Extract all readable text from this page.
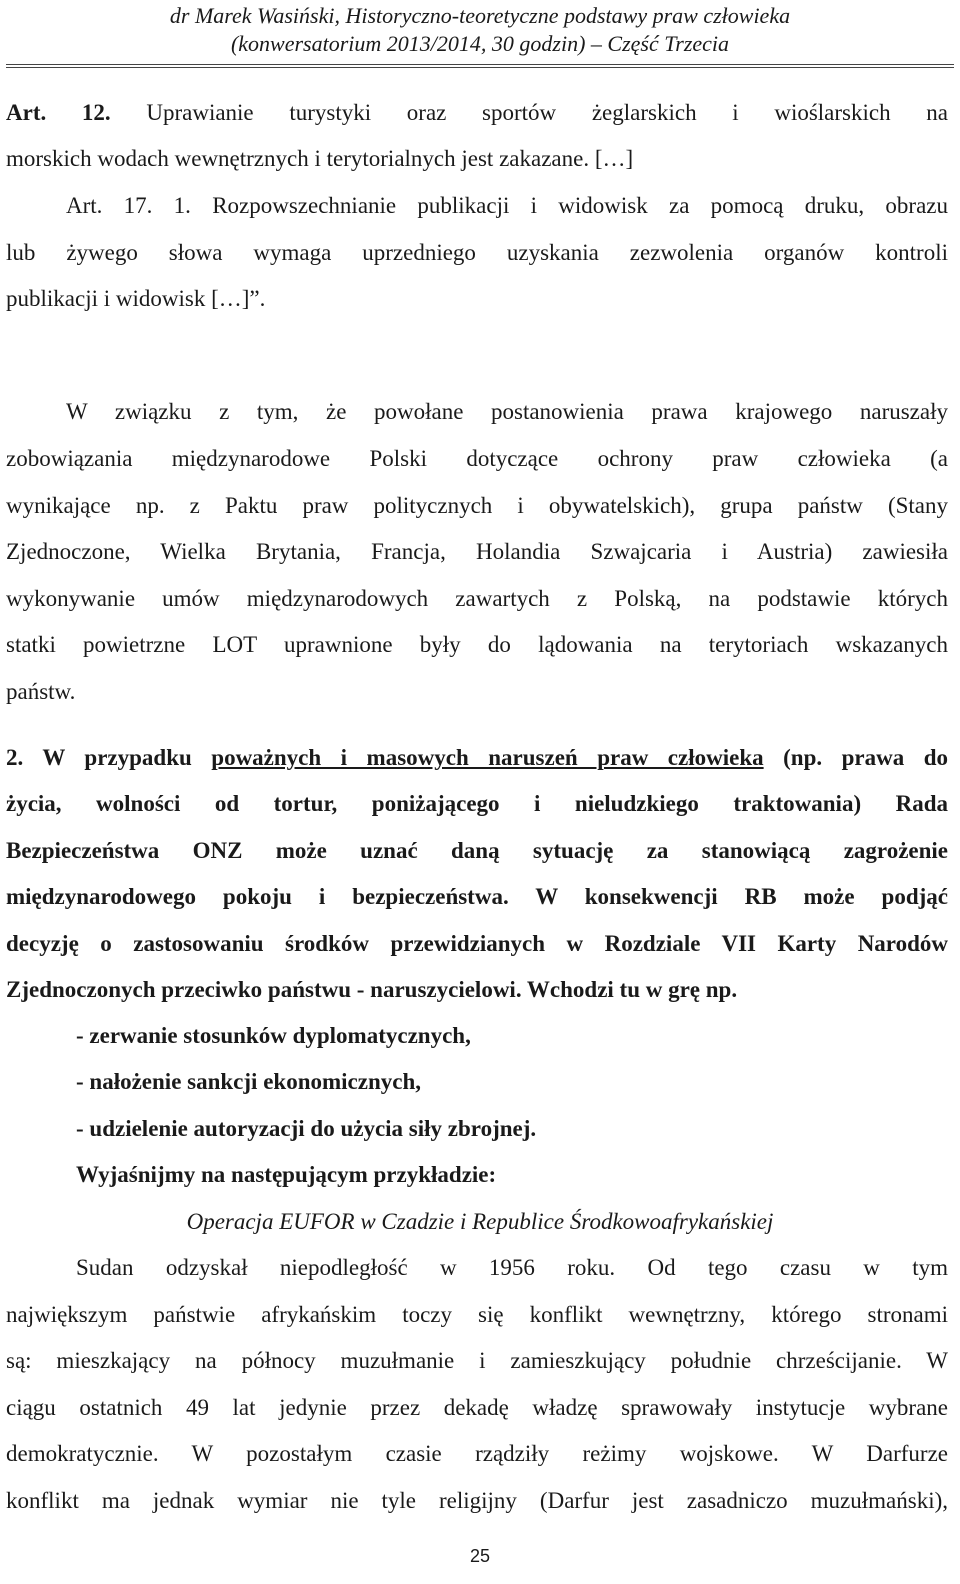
dr Marek Wasiński, Historyczno-teoretyczne podstawy praw człowieka
(konwersatorium 2013/2014, 30 godzin) – Część Trzecia
Art. 12. Uprawianie turystyki oraz sportów żeglarskich i wioślarskich na
morskich wodach wewnętrznych i terytorialnych jest zakazane. […]
Art. 17. 1. Rozpowszechnianie publikacji i widowisk za pomocą druku, obrazu
lub żywego słowa wymaga uprzedniego uzyskania zezwolenia organów kontroli
publikacji i widowisk […]”.
W związku z tym, że powołane postanowienia prawa krajowego naruszały
zobowiązania międzynarodowe Polski dotyczące ochrony praw człowieka (a
wynikające np. z Paktu praw politycznych i obywatelskich), grupa państw (Stany
Zjednoczone, Wielka Brytania, Francja, Holandia Szwajcaria i Austria) zawiesiła
wykonywanie umów międzynarodowych zawartych z Polską, na podstawie których
statki powietrzne LOT uprawnione były do lądowania na terytoriach wskazanych
państw.
2. W przypadku poważnych i masowych naruszeń praw człowieka (np. prawa do
życia, wolności od tortur, poniżającego i nieludzkiego traktowania) Rada
Bezpieczeństwa ONZ może uznać daną sytuację za stanowiącą zagrożenie
międzynarodowego pokoju i bezpieczeństwa. W konsekwencji RB może podjąć
decyzję o zastosowaniu środków przewidzianych w Rozdziale VII Karty Narodów
Zjednoczonych przeciwko państwu - naruszycielowi. Wchodzi tu w grę np.
- zerwanie stosunków dyplomatycznych,
- nałożenie sankcji ekonomicznych,
- udzielenie autoryzacji do użycia siły zbrojnej.
Wyjaśnijmy na następującym przykładzie:
Operacja EUFOR w Czadzie i Republice Środkowoafrykańskiej
Sudan odzyskał niepodległość w 1956 roku. Od tego czasu w tym
największym państwie afrykańskim toczy się konflikt wewnętrzny, którego stronami
są: mieszkający na północy muzułmanie i zamieszkujący południe chrześcijanie. W
ciągu ostatnich 49 lat jedynie przez dekadę władzę sprawowały instytucje wybrane
demokratycznie. W pozostałym czasie rządziły reżimy wojskowe. W Darfurze
konflikt ma jednak wymiar nie tyle religijny (Darfur jest zasadniczo muzułmański),
25
